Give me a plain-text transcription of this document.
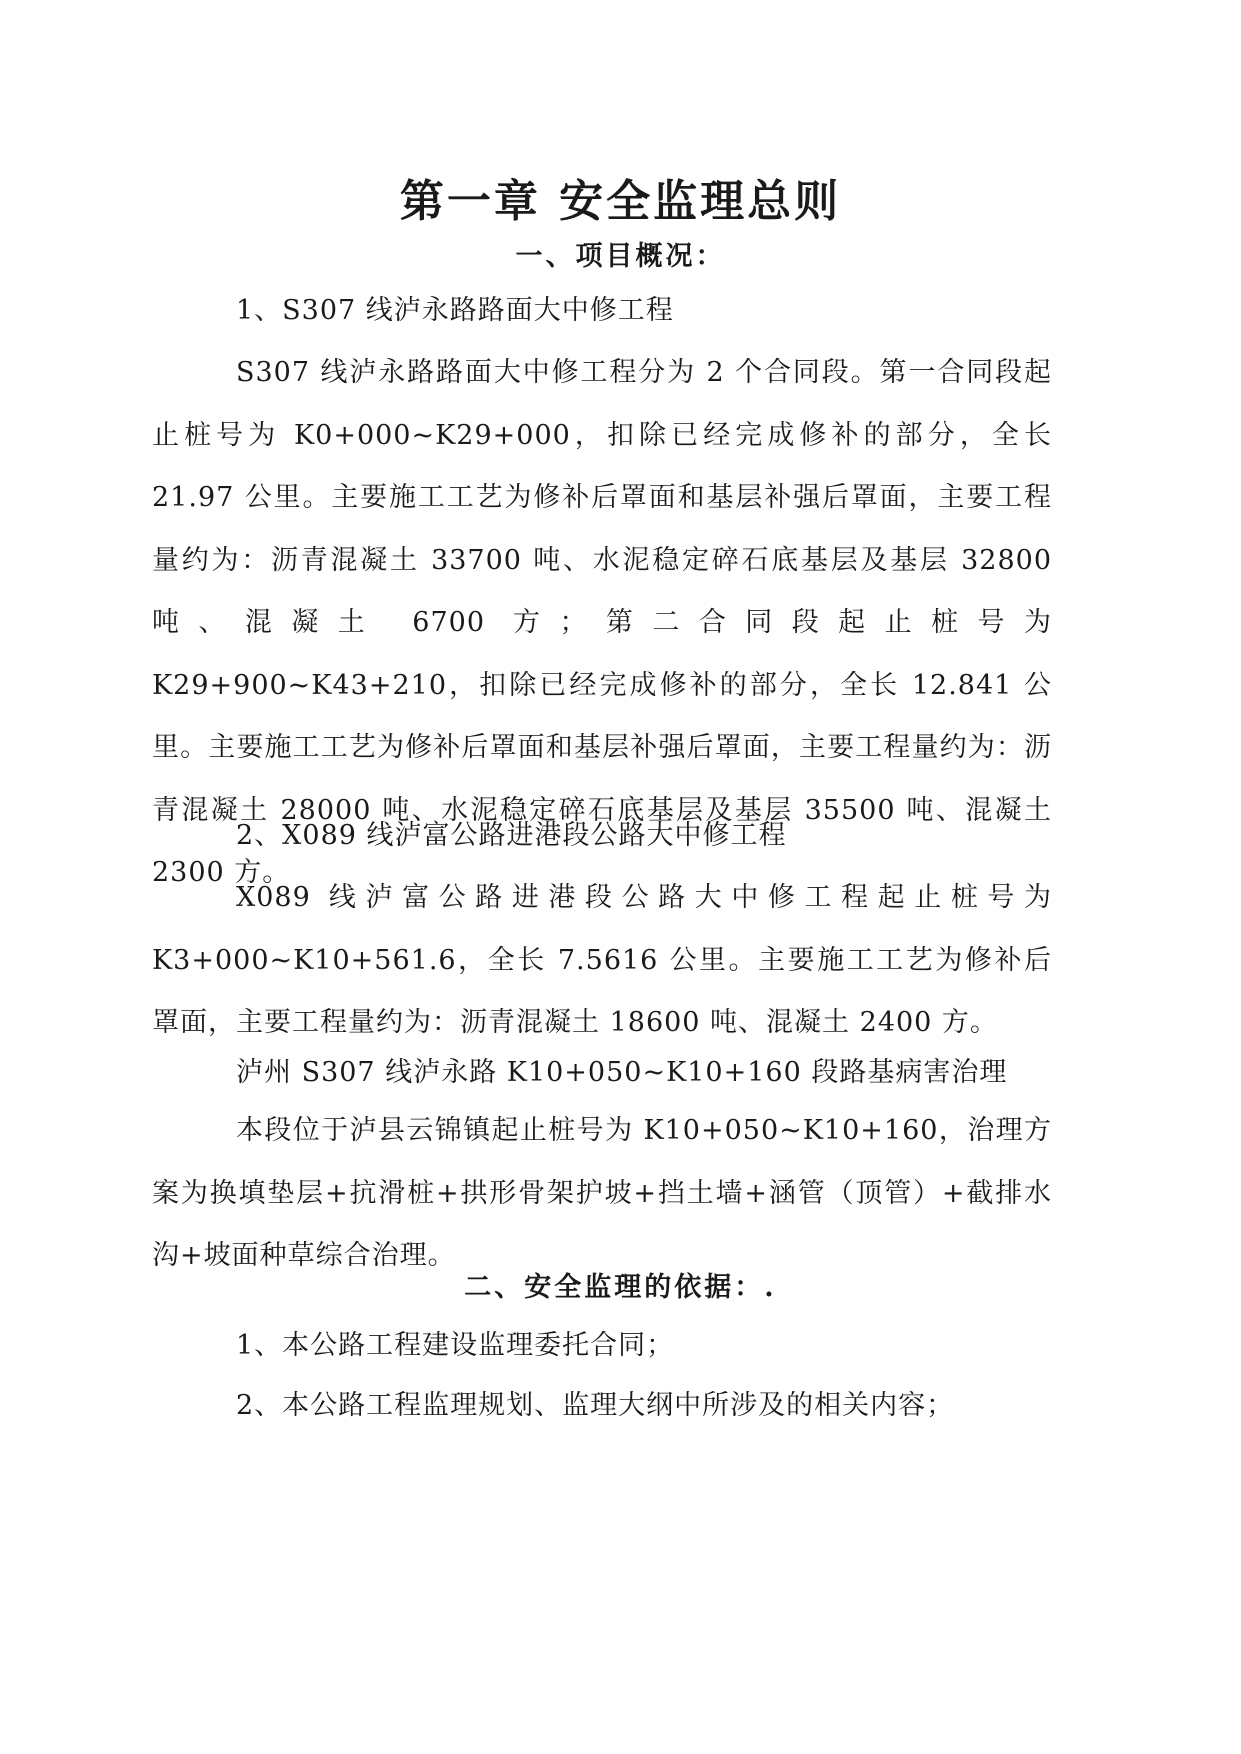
第一章 安全监理总则
一、项目概况：

1、S307 线泸永路路面大中修工程

S307 线泸永路路面大中修工程分为 2 个合同段。第一合同段起止桩号为 K0+000~K29+000，扣除已经完成修补的部分，全长 21.97 公里。主要施工工艺为修补后罩面和基层补强后罩面，主要工程量约为：沥青混凝土 33700 吨、水泥稳定碎石底基层及基层 32800 吨、混凝土 6700 方；第二合同段起止桩号为 K29+900~K43+210，扣除已经完成修补的部分，全长 12.841 公里。主要施工工艺为修补后罩面和基层补强后罩面，主要工程量约为：沥青混凝土 28000 吨、水泥稳定碎石底基层及基层 35500 吨、混凝土 2300 方。

2、X089 线泸富公路进港段公路大中修工程

X089 线泸富公路进港段公路大中修工程起止桩号为 K3+000~K10+561.6，全长 7.5616 公里。主要施工工艺为修补后罩面，主要工程量约为：沥青混凝土 18600 吨、混凝土 2400 方。

泸州 S307 线泸永路 K10+050~K10+160 段路基病害治理

本段位于泸县云锦镇起止桩号为 K10+050~K10+160，治理方案为换填垫层+抗滑桩+拱形骨架护坡+挡土墙+涵管（顶管）+截排水沟+坡面种草综合治理。

二、安全监理的依据：.

1、本公路工程建设监理委托合同；

2、本公路工程监理规划、监理大纲中所涉及的相关内容；
